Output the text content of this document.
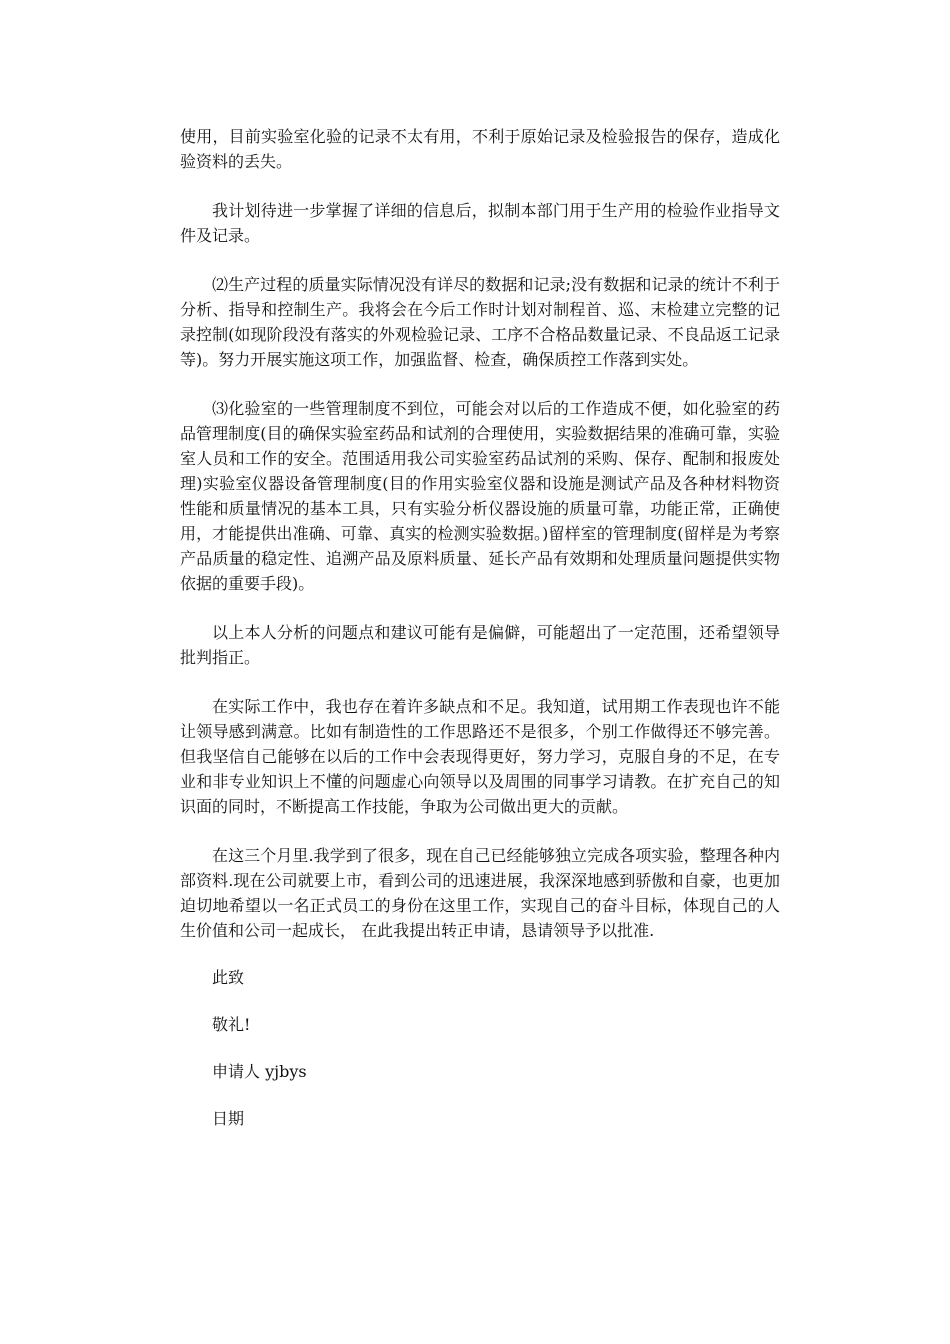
使用，目前实验室化验的记录不太有用，不利于原始记录及检验报告的保存，造成化验资料的丢失。

我计划待进一步掌握了详细的信息后，拟制本部门用于生产用的检验作业指导文件及记录。

⑵生产过程的质量实际情况没有详尽的数据和记录;没有数据和记录的统计不利于分析、指导和控制生产。我将会在今后工作时计划对制程首、巡、末检建立完整的记录控制(如现阶段没有落实的外观检验记录、工序不合格品数量记录、不良品返工记录等)。努力开展实施这项工作，加强监督、检查，确保质控工作落到实处。

⑶化验室的一些管理制度不到位，可能会对以后的工作造成不便，如化验室的药品管理制度(目的确保实验室药品和试剂的合理使用，实验数据结果的准确可靠，实验室人员和工作的安全。范围适用我公司实验室药品试剂的采购、保存、配制和报废处理)实验室仪器设备管理制度(目的作用实验室仪器和设施是测试产品及各种材料物资性能和质量情况的基本工具，只有实验分析仪器设施的质量可靠，功能正常，正确使用，才能提供出准确、可靠、真实的检测实验数据。)留样室的管理制度(留样是为考察产品质量的稳定性、追溯产品及原料质量、延长产品有效期和处理质量问题提供实物依据的重要手段)。

以上本人分析的问题点和建议可能有是偏僻，可能超出了一定范围，还希望领导批判指正。

在实际工作中，我也存在着许多缺点和不足。我知道，试用期工作表现也许不能让领导感到满意。比如有制造性的工作思路还不是很多，个别工作做得还不够完善。但我坚信自己能够在以后的工作中会表现得更好，努力学习，克服自身的不足，在专业和非专业知识上不懂的问题虚心向领导以及周围的同事学习请教。在扩充自己的知识面的同时，不断提高工作技能，争取为公司做出更大的贡献。

在这三个月里.我学到了很多，现在自己已经能够独立完成各项实验，整理各种内部资料.现在公司就要上市，看到公司的迅速进展，我深深地感到骄傲和自豪，也更加迫切地希望以一名正式员工的身份在这里工作，实现自己的奋斗目标，体现自己的人生价值和公司一起成长， 在此我提出转正申请，恳请领导予以批准.

此致

敬礼!

申请人 yjbys

日期
